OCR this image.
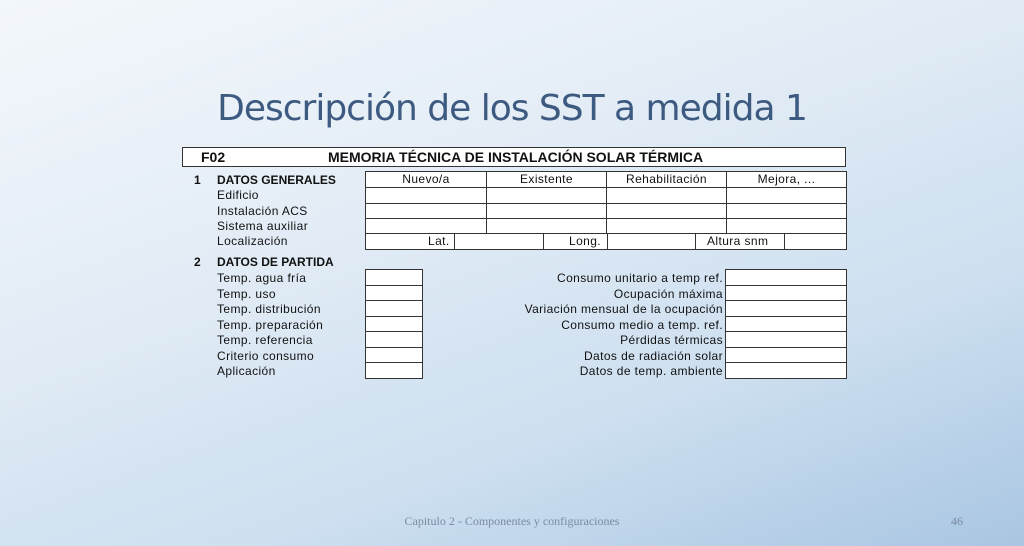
Descripción de los SST a medida 1
F02	MEMORIA TÉCNICA DE INSTALACIÓN SOLAR TÉRMICA
1 DATOS GENERALES	Nuevo/a	Existente	Rehabilitación	Mejora, ...
Edificio
Instalación ACS
Sistema auxiliar
Localización	Lat.	Long.	Altura snm
2 DATOS DE PARTIDA
Temp. agua fría	Consumo unitario a temp ref.
Temp. uso	Ocupación máxima
Temp. distribución	Variación mensual de la ocupación
Temp. preparación	Consumo medio a temp. ref.
Temp. referencia	Pérdidas térmicas
Criterio consumo	Datos de radiación solar
Aplicación	Datos de temp. ambiente
Capitulo 2 - Componentes y configuraciones	46
